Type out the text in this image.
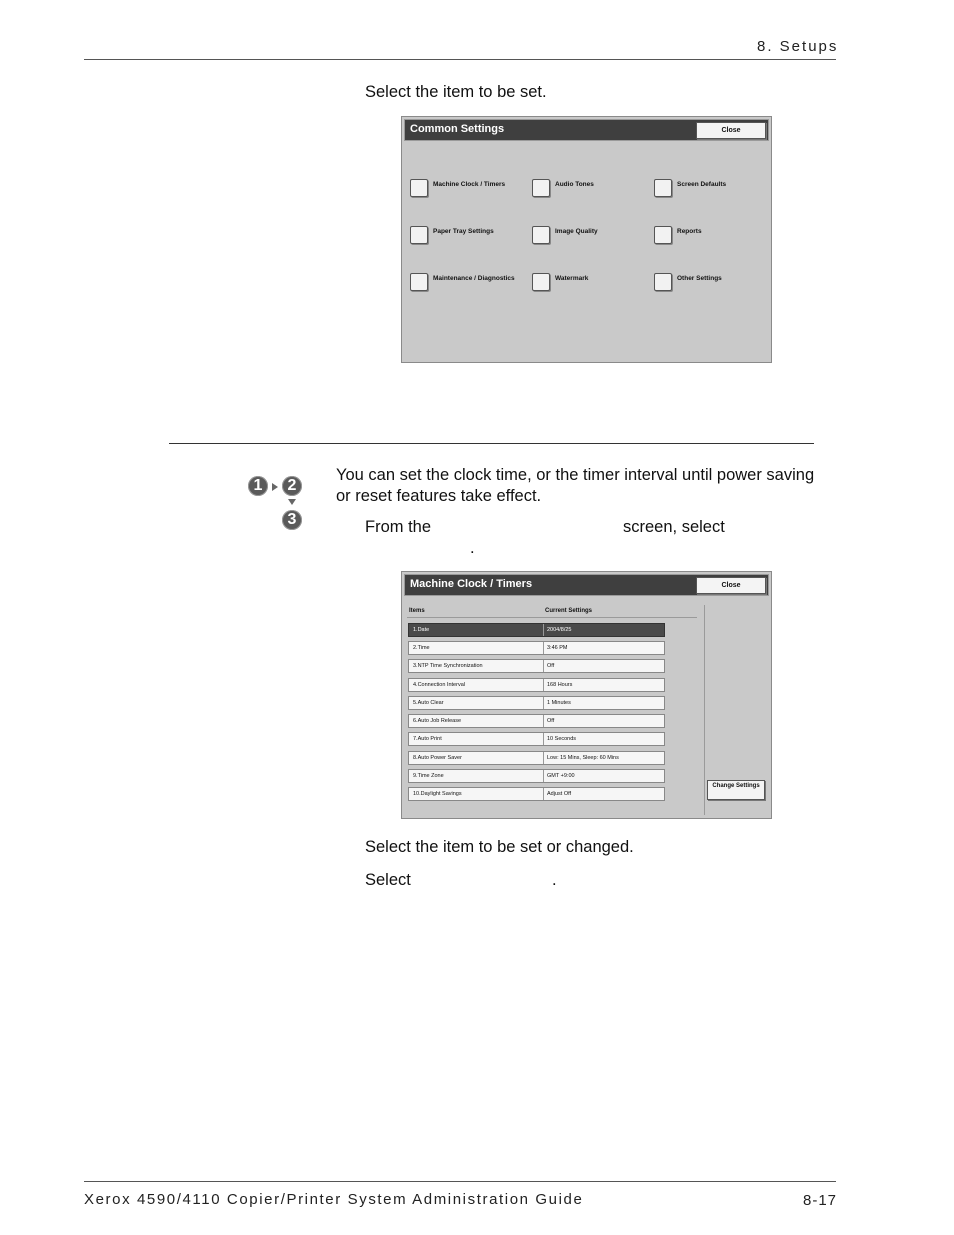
8. Setups
Select the item to be set.
Common Settings	Close
Machine Clock / Timers	Audio Tones	Screen Defaults
Paper Tray Settings	Image Quality	Reports
Maintenance / Diagnostics	Watermark	Other Settings
1	2
3
You can set the clock time, or the timer interval until power saving
or reset features take effect.
From the	screen, select
.
Machine Clock / Timers	Close
Items	Current Settings
1.Date	2004/8/25
2.Time	3:46 PM
3.NTP Time Synchronization	Off
4.Connection Interval	168 Hours
5.Auto Clear	1 Minutes
6.Auto Job Release	Off
7.Auto Print	10 Seconds
8.Auto Power Saver	Low: 15 Mins, Sleep: 60 Mins
9.Time Zone	GMT +9:00
10.Daylight Savings	Adjust Off
Change Settings
Select the item to be set or changed.
Select	.
Xerox 4590/4110 Copier/Printer System Administration Guide	8-17
